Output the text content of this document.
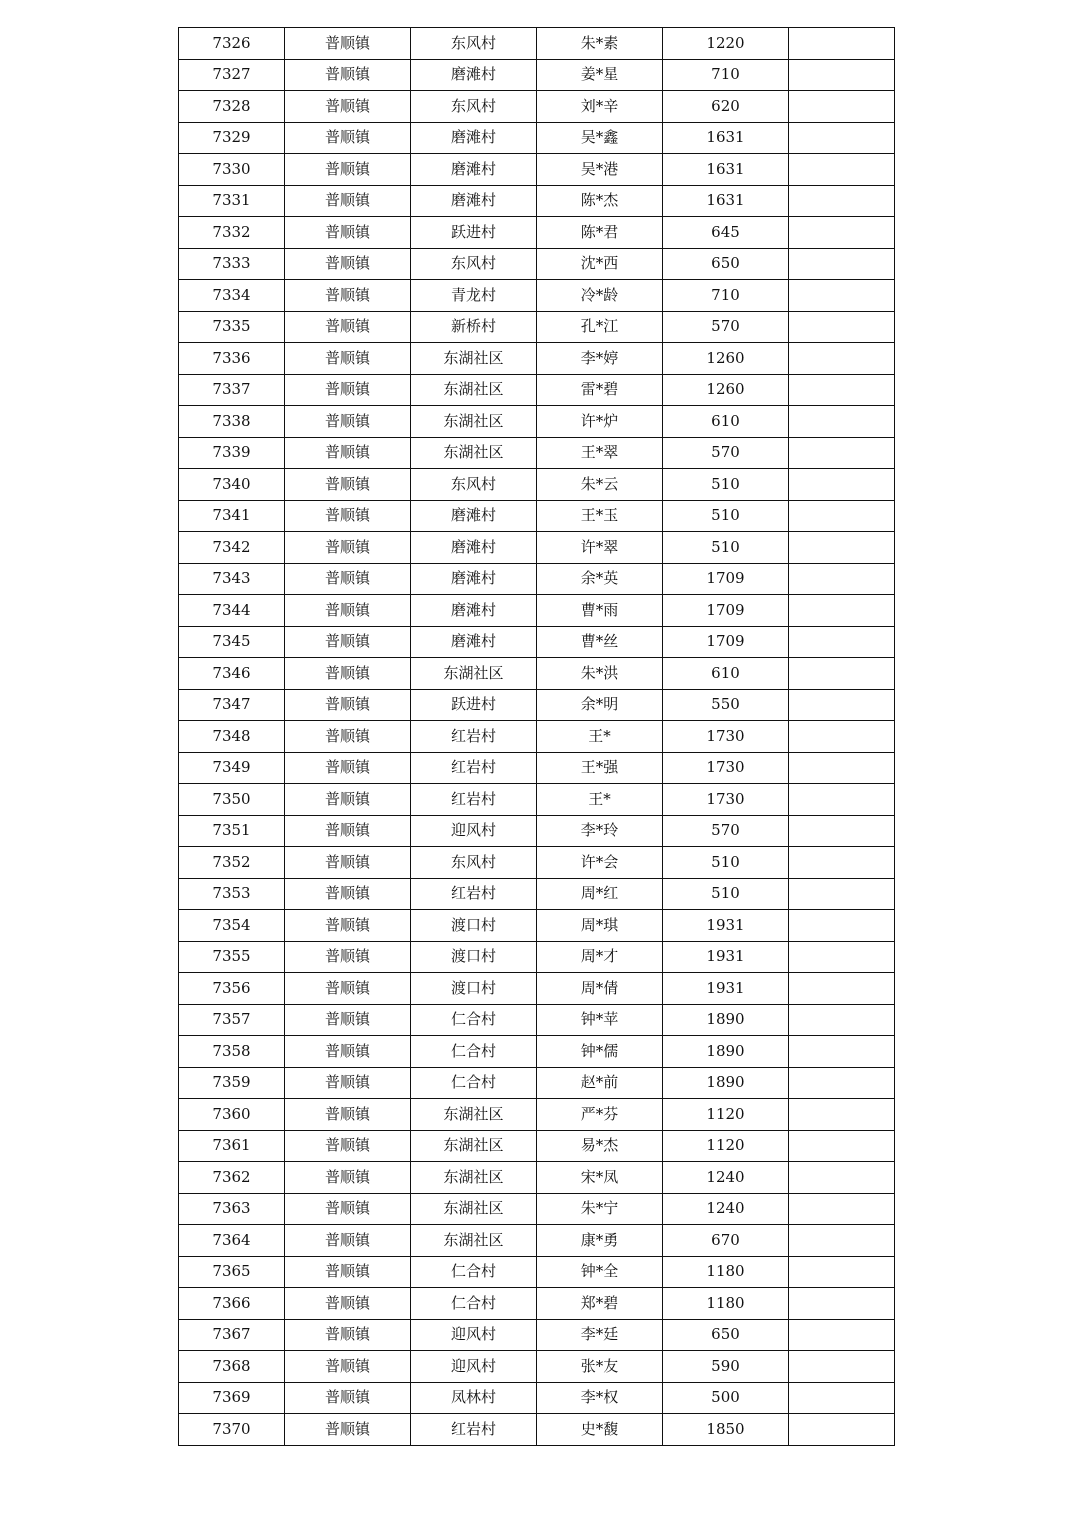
7326	普顺镇	东风村	朱*素	1220	
7327	普顺镇	磨滩村	姜*星	710	
7328	普顺镇	东风村	刘*辛	620	
7329	普顺镇	磨滩村	吴*鑫	1631	
7330	普顺镇	磨滩村	吴*港	1631	
7331	普顺镇	磨滩村	陈*杰	1631	
7332	普顺镇	跃进村	陈*君	645	
7333	普顺镇	东风村	沈*西	650	
7334	普顺镇	青龙村	冷*龄	710	
7335	普顺镇	新桥村	孔*江	570	
7336	普顺镇	东湖社区	李*婷	1260	
7337	普顺镇	东湖社区	雷*碧	1260	
7338	普顺镇	东湖社区	许*炉	610	
7339	普顺镇	东湖社区	王*翠	570	
7340	普顺镇	东风村	朱*云	510	
7341	普顺镇	磨滩村	王*玉	510	
7342	普顺镇	磨滩村	许*翠	510	
7343	普顺镇	磨滩村	余*英	1709	
7344	普顺镇	磨滩村	曹*雨	1709	
7345	普顺镇	磨滩村	曹*丝	1709	
7346	普顺镇	东湖社区	朱*洪	610	
7347	普顺镇	跃进村	余*明	550	
7348	普顺镇	红岩村	王*	1730	
7349	普顺镇	红岩村	王*强	1730	
7350	普顺镇	红岩村	王*	1730	
7351	普顺镇	迎风村	李*玲	570	
7352	普顺镇	东风村	许*会	510	
7353	普顺镇	红岩村	周*红	510	
7354	普顺镇	渡口村	周*琪	1931	
7355	普顺镇	渡口村	周*才	1931	
7356	普顺镇	渡口村	周*倩	1931	
7357	普顺镇	仁合村	钟*苹	1890	
7358	普顺镇	仁合村	钟*儒	1890	
7359	普顺镇	仁合村	赵*前	1890	
7360	普顺镇	东湖社区	严*芬	1120	
7361	普顺镇	东湖社区	易*杰	1120	
7362	普顺镇	东湖社区	宋*凤	1240	
7363	普顺镇	东湖社区	朱*宁	1240	
7364	普顺镇	东湖社区	康*勇	670	
7365	普顺镇	仁合村	钟*全	1180	
7366	普顺镇	仁合村	郑*碧	1180	
7367	普顺镇	迎风村	李*廷	650	
7368	普顺镇	迎风村	张*友	590	
7369	普顺镇	凤林村	李*权	500	
7370	普顺镇	红岩村	史*馥	1850	
